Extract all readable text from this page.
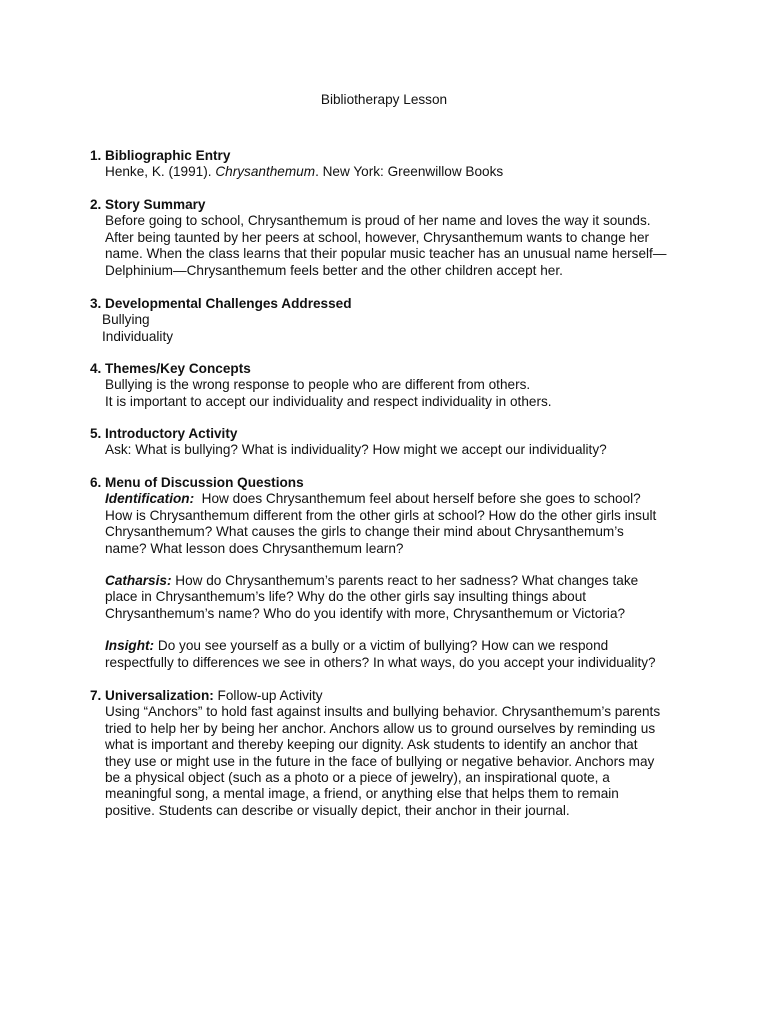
Bibliotherapy Lesson
1. Bibliographic Entry
Henke, K. (1991). Chrysanthemum. New York: Greenwillow Books
2. Story Summary
Before going to school, Chrysanthemum is proud of her name and loves the way it sounds.
After being taunted by her peers at school, however, Chrysanthemum wants to change her
name. When the class learns that their popular music teacher has an unusual name herself—
Delphinium—Chrysanthemum feels better and the other children accept her.
3. Developmental Challenges Addressed
Bullying
Individuality
4. Themes/Key Concepts
Bullying is the wrong response to people who are different from others.
It is important to accept our individuality and respect individuality in others.
5. Introductory Activity
Ask: What is bullying? What is individuality? How might we accept our individuality?
6. Menu of Discussion Questions
Identification:  How does Chrysanthemum feel about herself before she goes to school?
How is Chrysanthemum different from the other girls at school? How do the other girls insult
Chrysanthemum? What causes the girls to change their mind about Chrysanthemum’s
name? What lesson does Chrysanthemum learn?
Catharsis: How do Chrysanthemum’s parents react to her sadness? What changes take
place in Chrysanthemum’s life? Why do the other girls say insulting things about
Chrysanthemum’s name? Who do you identify with more, Chrysanthemum or Victoria?
Insight: Do you see yourself as a bully or a victim of bullying? How can we respond
respectfully to differences we see in others? In what ways, do you accept your individuality?
7. Universalization: Follow-up Activity
Using “Anchors” to hold fast against insults and bullying behavior. Chrysanthemum’s parents
tried to help her by being her anchor. Anchors allow us to ground ourselves by reminding us
what is important and thereby keeping our dignity. Ask students to identify an anchor that
they use or might use in the future in the face of bullying or negative behavior. Anchors may
be a physical object (such as a photo or a piece of jewelry), an inspirational quote, a
meaningful song, a mental image, a friend, or anything else that helps them to remain
positive. Students can describe or visually depict, their anchor in their journal.
